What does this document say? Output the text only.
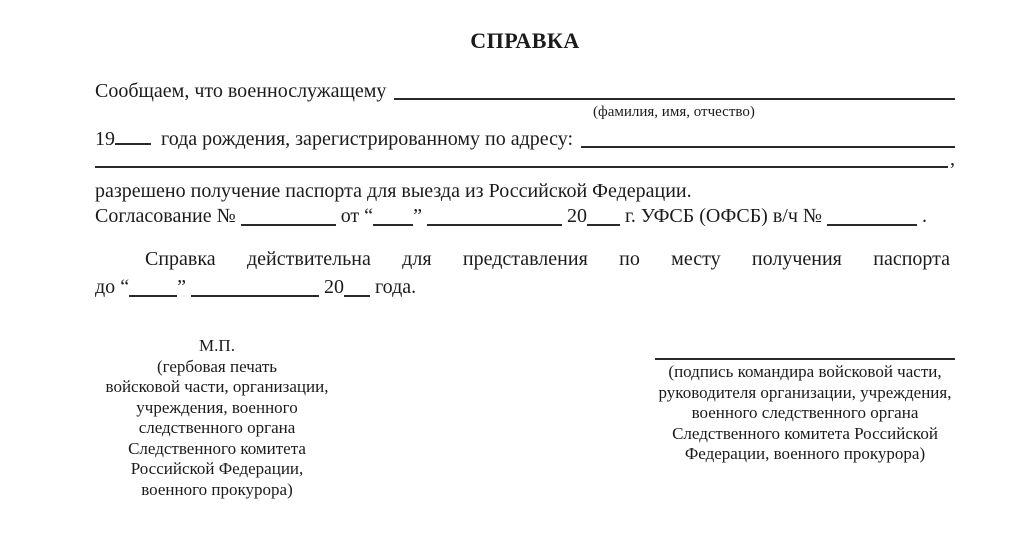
СПРАВКА
Сообщаем, что военнослужащему
(фамилия, имя, отчество)
19 года рождения, зарегистрированному по адресу:
,
разрешено получение паспорта для выезда из Российской Федерации.
Согласование №	от “ ”	20 г. УФСБ (ОФСБ) в/ч №	.
Справка действительна для представления по месту получения паспорта
до “ ”	20 года.
М.П.
(гербовая печать
войсковой части, организации,
учреждения, военного
следственного органа
Следственного комитета
Российской Федерации,
военного прокурора)
(подпись командира войсковой части,
руководителя организации, учреждения,
военного следственного органа
Следственного комитета Российской
Федерации, военного прокурора)
